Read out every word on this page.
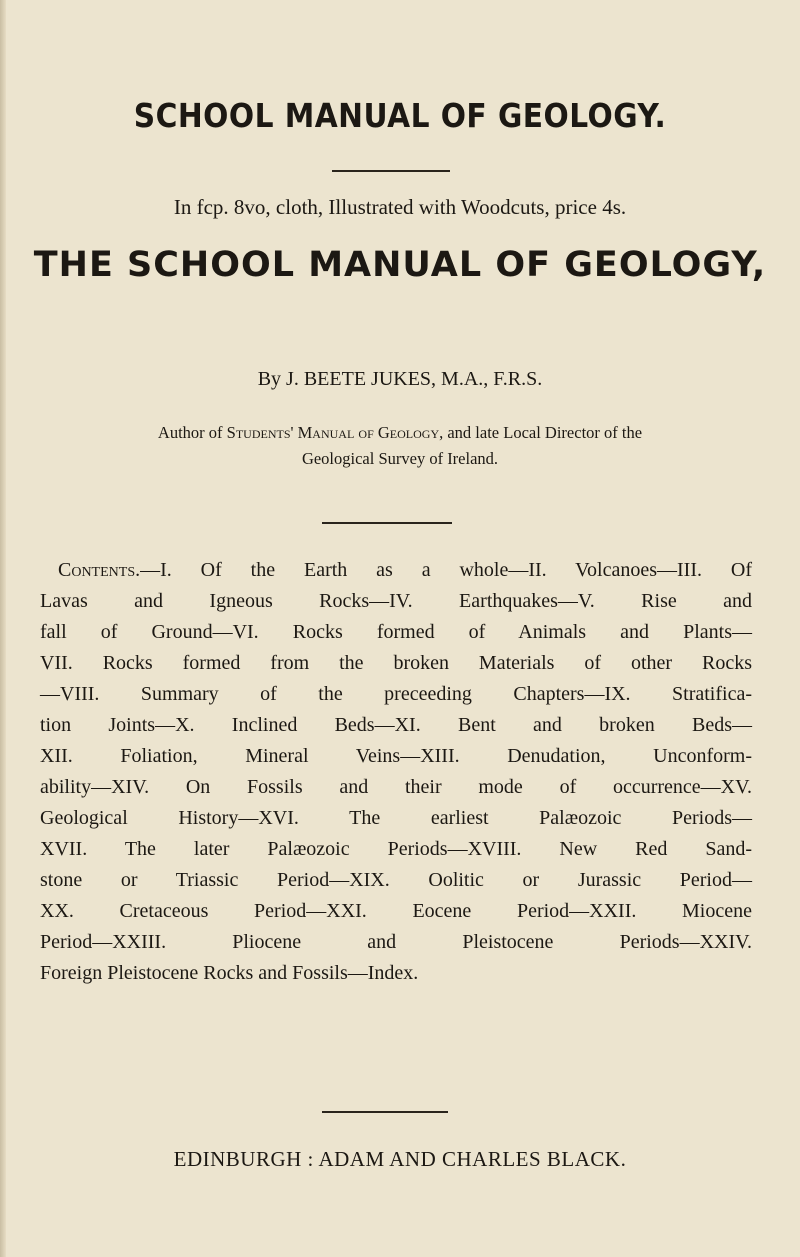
SCHOOL MANUAL OF GEOLOGY.
In fcp. 8vo, cloth, Illustrated with Woodcuts, price 4s.
THE SCHOOL MANUAL OF GEOLOGY,
By J. BEETE JUKES, M.A., F.R.S.
Author of Students' Manual of Geology, and late Local Director of the
Geological Survey of Ireland.
Contents.—I. Of the Earth as a whole—II. Volcanoes—III. Of
Lavas and Igneous Rocks—IV. Earthquakes—V. Rise and
fall of Ground—VI. Rocks formed of Animals and Plants—
VII. Rocks formed from the broken Materials of other Rocks
—VIII. Summary of the preceeding Chapters—IX. Stratifica-
tion Joints—X. Inclined Beds—XI. Bent and broken Beds—
XII. Foliation, Mineral Veins—XIII. Denudation, Unconform-
ability—XIV. On Fossils and their mode of occurrence—XV.
Geological History—XVI. The earliest Palæozoic Periods—
XVII. The later Palæozoic Periods—XVIII. New Red Sand-
stone or Triassic Period—XIX. Oolitic or Jurassic Period—
XX. Cretaceous Period—XXI. Eocene Period—XXII. Miocene
Period—XXIII. Pliocene and Pleistocene Periods—XXIV.
Foreign Pleistocene Rocks and Fossils—Index.
EDINBURGH : ADAM AND CHARLES BLACK.
